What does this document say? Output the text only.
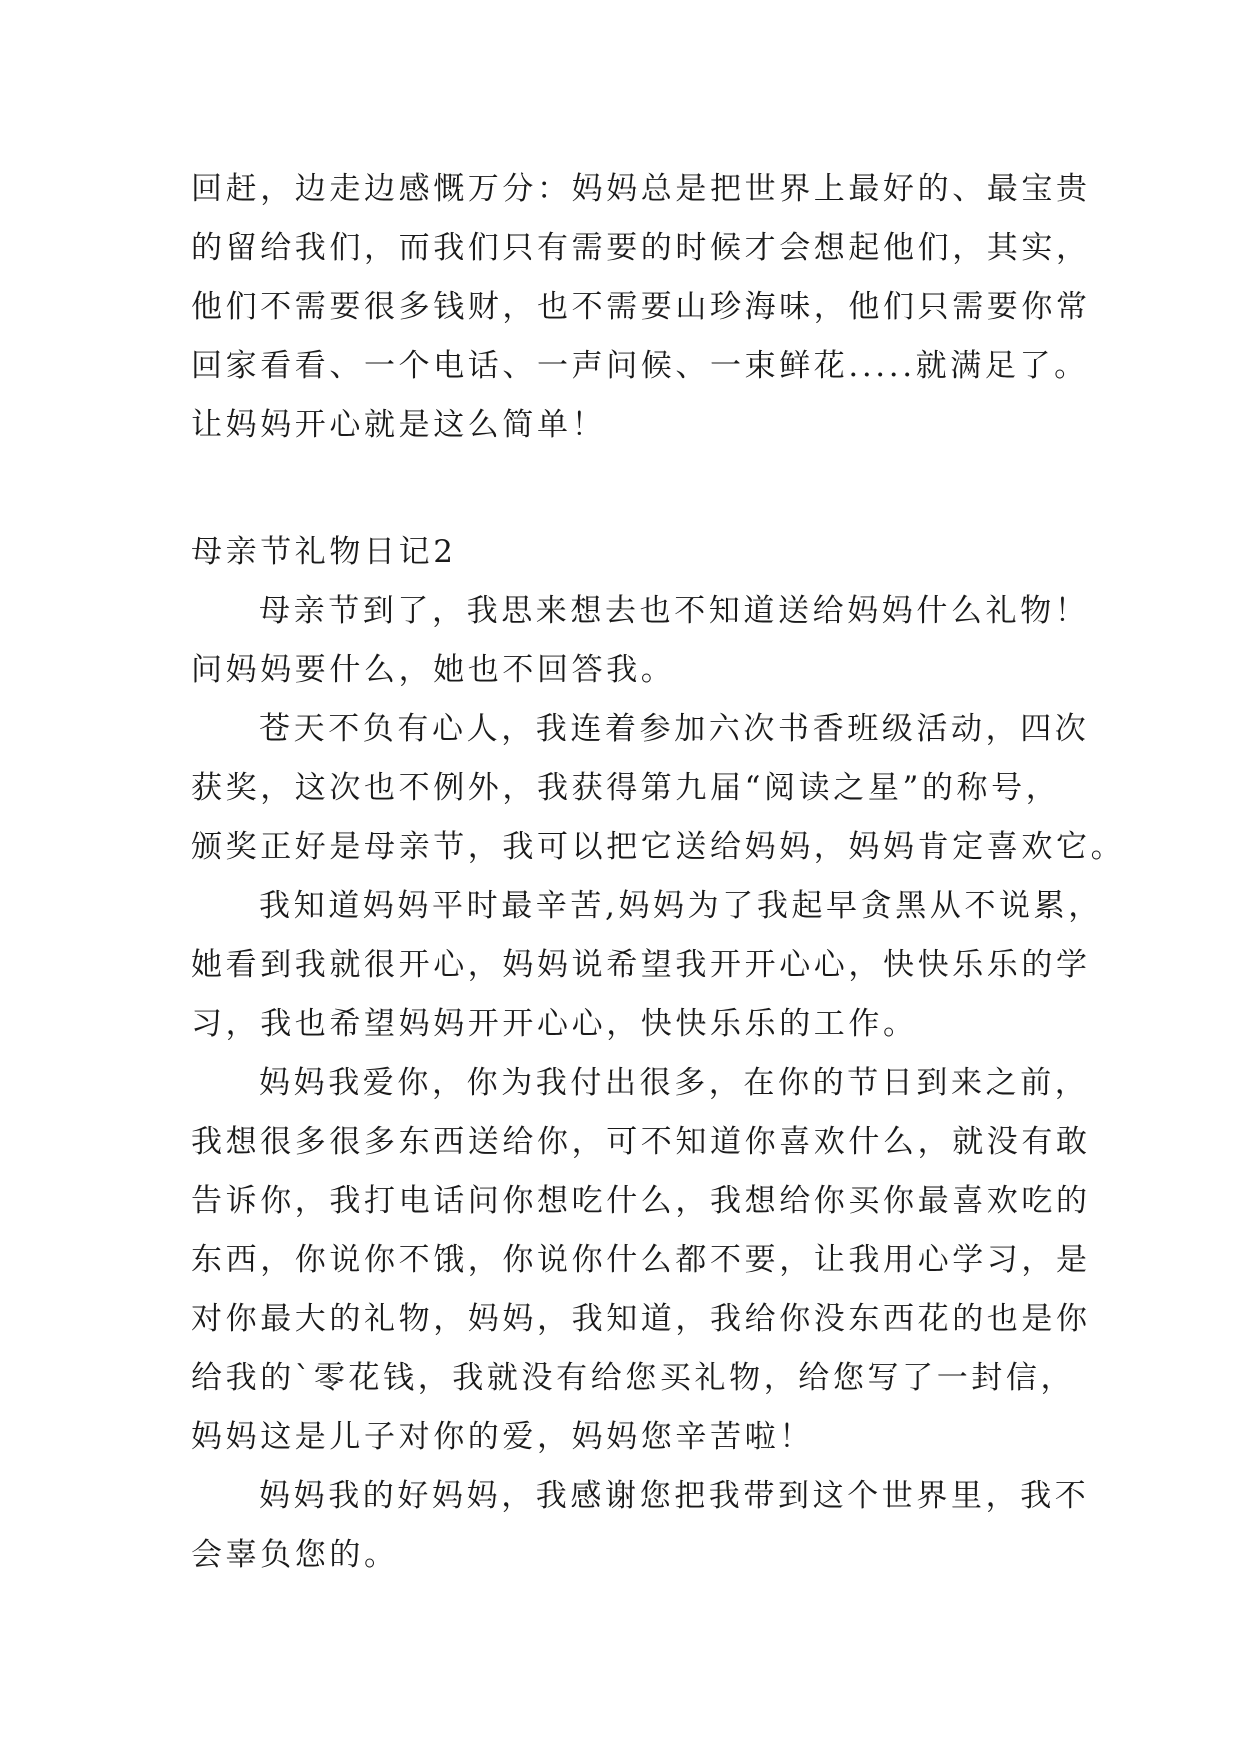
回赶，边走边感慨万分：妈妈总是把世界上最好的、最宝贵
的留给我们，而我们只有需要的时候才会想起他们，其实，
他们不需要很多钱财，也不需要山珍海味，他们只需要你常
回家看看、一个电话、一声问候、一束鲜花.....就满足了。
让妈妈开心就是这么简单！
母亲节礼物日记2
母亲节到了，我思来想去也不知道送给妈妈什么礼物！
问妈妈要什么，她也不回答我。
苍天不负有心人，我连着参加六次书香班级活动，四次
获奖，这次也不例外，我获得第九届“阅读之星”的称号，
颁奖正好是母亲节，我可以把它送给妈妈，妈妈肯定喜欢它。
我知道妈妈平时最辛苦,妈妈为了我起早贪黑从不说累，
她看到我就很开心，妈妈说希望我开开心心，快快乐乐的学
习，我也希望妈妈开开心心，快快乐乐的工作。
妈妈我爱你，你为我付出很多，在你的节日到来之前，
我想很多很多东西送给你，可不知道你喜欢什么，就没有敢
告诉你，我打电话问你想吃什么，我想给你买你最喜欢吃的
东西，你说你不饿，你说你什么都不要，让我用心学习，是
对你最大的礼物，妈妈，我知道，我给你没东西花的也是你
给我的`零花钱，我就没有给您买礼物，给您写了一封信，
妈妈这是儿子对你的爱，妈妈您辛苦啦！
妈妈我的好妈妈，我感谢您把我带到这个世界里，我不
会辜负您的。
